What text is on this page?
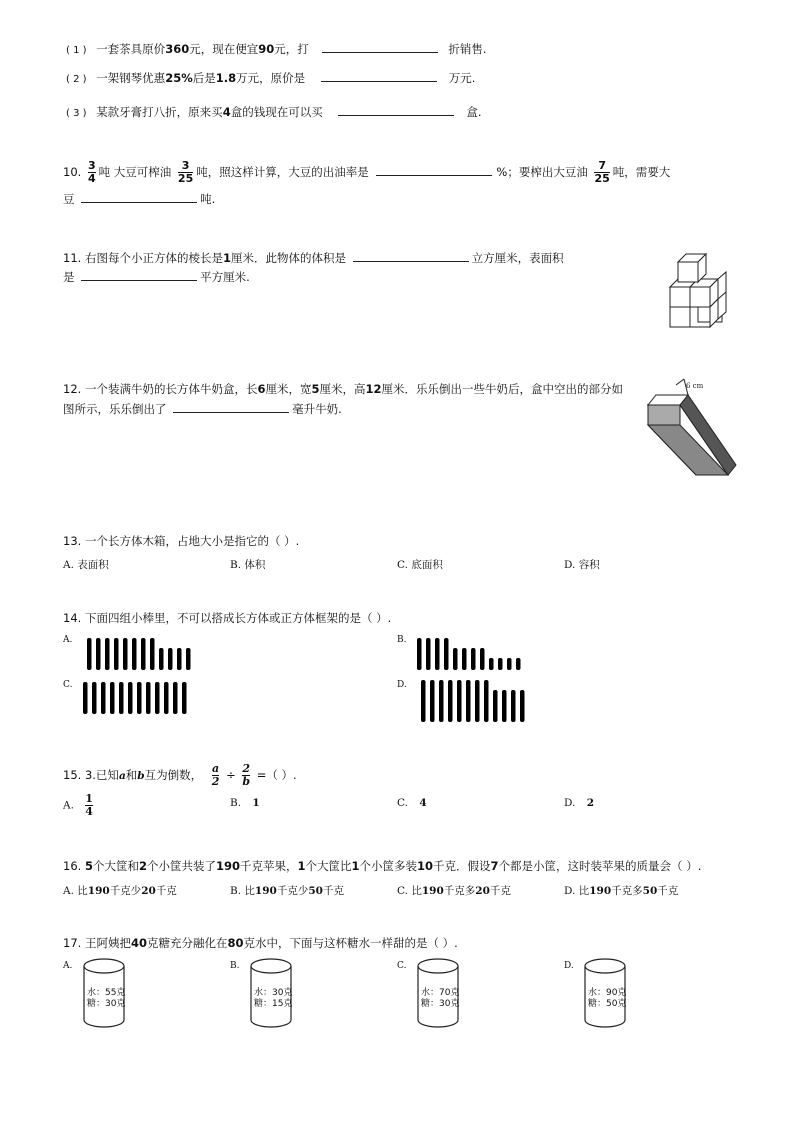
( 1 ) 一套茶具原价360元，现在便宜90元，打	折销售.
( 2 ) 一架钢琴优惠25%后是1.8万元，原价是	万元.
( 3 ) 某款牙膏打八折，原来买4盒的钱现在可以买	盒.
10. $\frac{3}{4}$ 吨 大豆可榨油 $\frac{3}{25}$ 吨，照这样计算，大豆的出油率是	%；要榨出大豆油 $\frac{7}{25}$ 吨，需要大
豆	吨.
11. 右图每个小正方体的棱长是1厘米．此物体的体积是	立方厘米，表面积
是	平方厘米.
12. 一个装满牛奶的长方体牛奶盒，长6厘米，宽5厘米，高12厘米．乐乐倒出一些牛奶后，盒中空出的部分如
图所示，乐乐倒出了	毫升牛奶.
6 cm
13. 一个长方体木箱，占地大小是指它的（ ）.
A. 表面积	B. 体积	C. 底面积	D. 容积
14. 下面四组小棒里，不可以搭成长方体或正方体框架的是（ ）.
A.	B.
C.	D.
15. 3.已知a和b互为倒数， $\frac{a}{2} \div \frac{2}{b}$ =（ ）.
A. $\frac{1}{4}$	B. 1	C. 4	D. 2
16. 5个大筐和2个小筐共装了190千克苹果，1个大筐比1个小筐多装10千克．假设7个都是小筐，这时装苹果的质量会（ ）.
A. 比190千克少20千克	B. 比190千克少50千克	C. 比190千克多20千克	D. 比190千克多50千克
17. 王阿姨把40克糖充分融化在80克水中，下面与这杯糖水一样甜的是（ ）.
A.	B.	C.	D.
水：55克
糖：30克
水：30克
糖：15克
水：70克
糖：30克
水：90克
糖：50克
